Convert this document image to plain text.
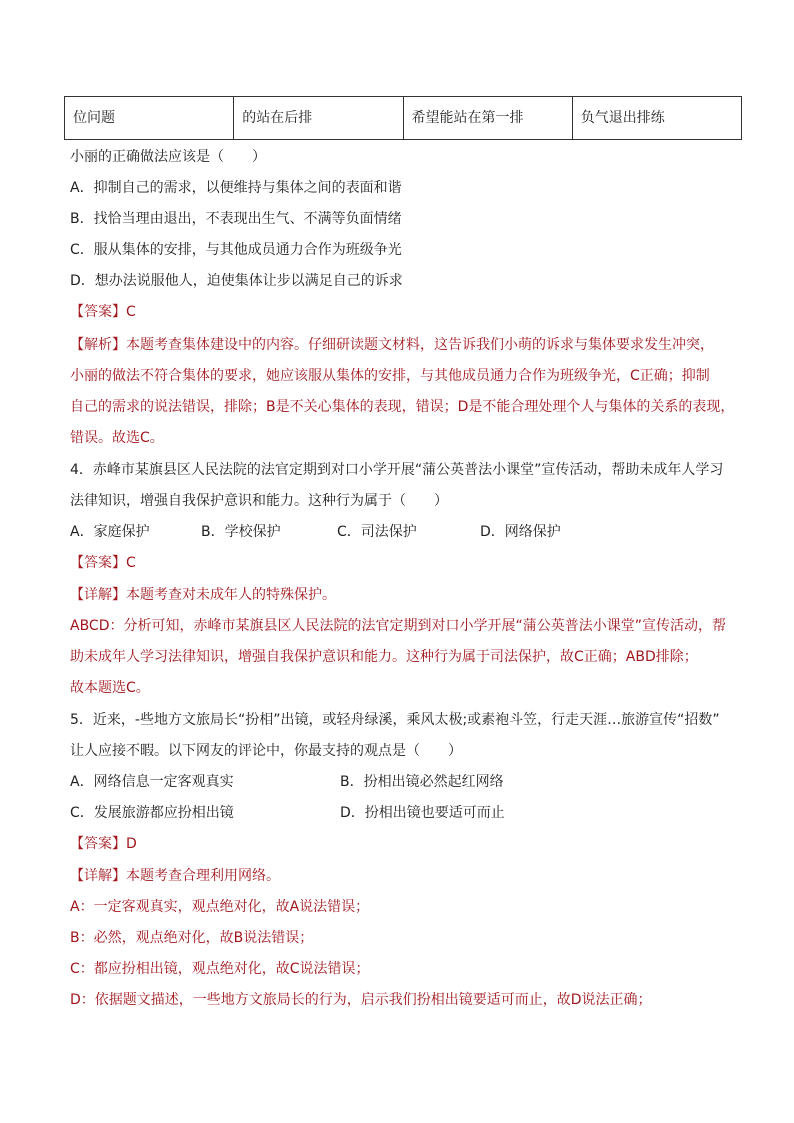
位问题	的站在后排	希望能站在第一排	负气退出排练
小丽的正确做法应该是（　　）
A．抑制自己的需求，以便维持与集体之间的表面和谐
B．找恰当理由退出，不表现出生气、不满等负面情绪
C．服从集体的安排，与其他成员通力合作为班级争光
D．想办法说服他人，迫使集体让步以满足自己的诉求
【答案】C
【解析】本题考查集体建设中的内容。仔细研读题文材料，这告诉我们小萌的诉求与集体要求发生冲突，
小丽的做法不符合集体的要求，她应该服从集体的安排，与其他成员通力合作为班级争光，C正确；抑制
自己的需求的说法错误，排除；B是不关心集体的表现，错误；D是不能合理处理个人与集体的关系的表现，
错误。故选C。
4．赤峰市某旗县区人民法院的法官定期到对口小学开展“蒲公英普法小课堂”宣传活动，帮助未成年人学习
法律知识，增强自我保护意识和能力。这种行为属于（　　）
A．家庭保护	B．学校保护	C．司法保护	D．网络保护
【答案】C
【详解】本题考查对未成年人的特殊保护。
ABCD：分析可知，赤峰市某旗县区人民法院的法官定期到对口小学开展“蒲公英普法小课堂”宣传活动，帮
助未成年人学习法律知识，增强自我保护意识和能力。这种行为属于司法保护，故C正确；ABD排除；
故本题选C。
5．近来，-些地方文旅局长“扮相”出镜，或轻舟绿溪，乘风太极;或素袍斗笠，行走天涯…旅游宣传“招数”
让人应接不暇。以下网友的评论中，你最支持的观点是（　　）
A．网络信息一定客观真实	B．扮相出镜必然起红网络
C．发展旅游都应扮相出镜	D．扮相出镜也要适可而止
【答案】D
【详解】本题考查合理利用网络。
A：一定客观真实，观点绝对化，故A说法错误；
B：必然，观点绝对化，故B说法错误；
C：都应扮相出镜，观点绝对化，故C说法错误；
D：依据题文描述，一些地方文旅局长的行为，启示我们扮相出镜要适可而止，故D说法正确；
